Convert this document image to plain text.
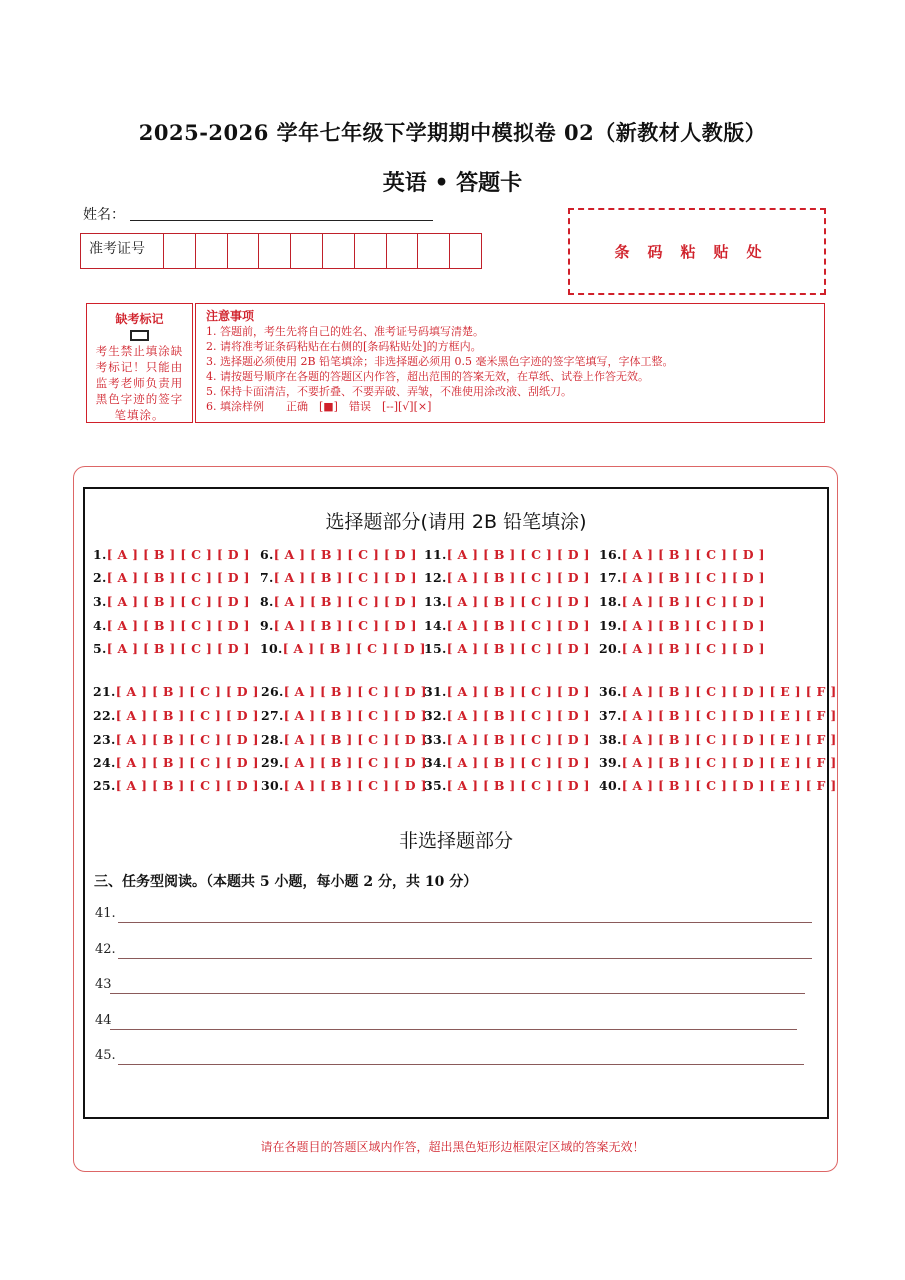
2025-2026 学年七年级下学期期中模拟卷 02（新教材人教版）
英语 • 答题卡
姓名：
准考证号	条码粘贴处
缺考标记
考生禁止填涂缺考标记！只能由监考老师负责用黑色字迹的签字笔填涂。
注意事项
1. 答题前，考生先将自己的姓名、准考证号码填写清楚。
2. 请将准考证条码粘贴在右侧的[条码粘贴处]的方框内。
3. 选择题必须使用 2B 铅笔填涂；非选择题必须用 0.5 毫米黑色字迹的签字笔填写，字体工整。
4. 请按题号顺序在各题的答题区内作答，超出范围的答案无效，在草纸、试卷上作答无效。
5. 保持卡面清洁，不要折叠、不要弄破、弄皱，不准使用涂改液、刮纸刀。
6. 填涂样例　　正确　[■]　错误　[--][√][×]
选择题部分(请用 2B 铅笔填涂)
1.[ A ] [ B ] [ C ] [ D ]
2.[ A ] [ B ] [ C ] [ D ]
3.[ A ] [ B ] [ C ] [ D ]
4.[ A ] [ B ] [ C ] [ D ]
5.[ A ] [ B ] [ C ] [ D ]
6.[ A ] [ B ] [ C ] [ D ]
7.[ A ] [ B ] [ C ] [ D ]
8.[ A ] [ B ] [ C ] [ D ]
9.[ A ] [ B ] [ C ] [ D ]
10.[ A ] [ B ] [ C ] [ D ]
11.[ A ] [ B ] [ C ] [ D ]
12.[ A ] [ B ] [ C ] [ D ]
13.[ A ] [ B ] [ C ] [ D ]
14.[ A ] [ B ] [ C ] [ D ]
15.[ A ] [ B ] [ C ] [ D ]
16.[ A ] [ B ] [ C ] [ D ]
17.[ A ] [ B ] [ C ] [ D ]
18.[ A ] [ B ] [ C ] [ D ]
19.[ A ] [ B ] [ C ] [ D ]
20.[ A ] [ B ] [ C ] [ D ]
21.[ A ] [ B ] [ C ] [ D ]
22.[ A ] [ B ] [ C ] [ D ]
23.[ A ] [ B ] [ C ] [ D ]
24.[ A ] [ B ] [ C ] [ D ]
25.[ A ] [ B ] [ C ] [ D ]
26.[ A ] [ B ] [ C ] [ D ]
27.[ A ] [ B ] [ C ] [ D ]
28.[ A ] [ B ] [ C ] [ D ]
29.[ A ] [ B ] [ C ] [ D ]
30.[ A ] [ B ] [ C ] [ D ]
31.[ A ] [ B ] [ C ] [ D ]
32.[ A ] [ B ] [ C ] [ D ]
33.[ A ] [ B ] [ C ] [ D ]
34.[ A ] [ B ] [ C ] [ D ]
35.[ A ] [ B ] [ C ] [ D ]
36.[ A ] [ B ] [ C ] [ D ] [ E ] [ F ]
37.[ A ] [ B ] [ C ] [ D ] [ E ] [ F ]
38.[ A ] [ B ] [ C ] [ D ] [ E ] [ F ]
39.[ A ] [ B ] [ C ] [ D ] [ E ] [ F ]
40.[ A ] [ B ] [ C ] [ D ] [ E ] [ F ]
非选择题部分
三、任务型阅读。（本题共 5 小题，每小题 2 分，共 10 分）
41.
42.
43
44
45.
请在各题目的答题区域内作答，超出黑色矩形边框限定区域的答案无效！
